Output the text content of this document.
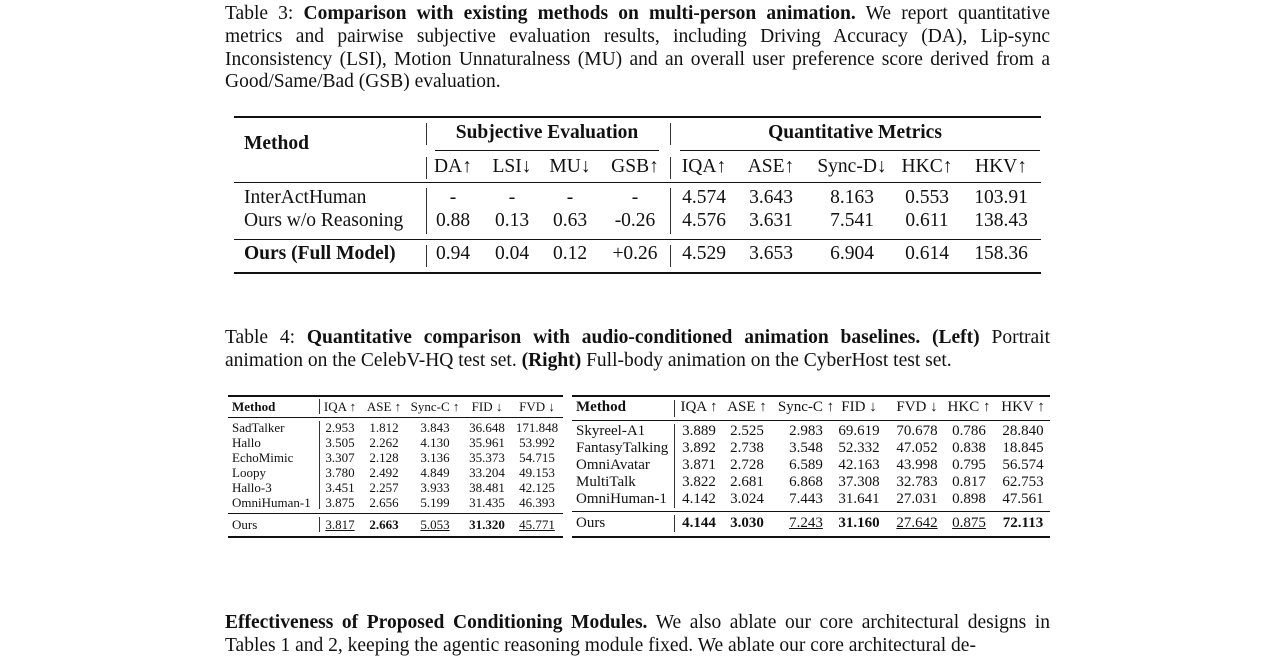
Table 3: Comparison with existing methods on multi-person animation. We report quantitative metrics and pairwise subjective evaluation results, including Driving Accuracy (DA), Lip-sync Inconsistency (LSI), Motion Unnaturalness (MU) and an overall user preference score derived from a Good/Same/Bad (GSB) evaluation.
Method
Subjective Evaluation	Quantitative Metrics
DA↑ LSI↓ MU↓ GSB↑ IQA↑ ASE↑ Sync-D↓ HKC↑ HKV↑
InterActHuman	-	-	-	- 4.574 3.643 8.163 0.553 103.91
Ours w/o Reasoning 0.88 0.13 0.63 -0.26 4.576 3.631 7.541 0.611 138.43
Ours (Full Model) 0.94 0.04 0.12 +0.26 4.529 3.653 6.904 0.614 158.36
Table 4: Quantitative comparison with audio-conditioned animation baselines. (Left) Portrait animation on the CelebV-HQ test set. (Right) Full-body animation on the CyberHost test set.
Method	IQA ↑ ASE ↑ Sync-C ↑ FID ↓ FVD ↓
SadTalker	2.953 1.812 3.843 36.648 171.848
Hallo	3.505 2.262 4.130 35.961 53.992
EchoMimic 3.307 2.128 3.136 35.373 54.715
Loopy	3.780 2.492 4.849 33.204 49.153
Hallo-3	3.451 2.257 3.933 38.481 42.125
OmniHuman-1 3.875 2.656 5.199 31.435 46.393
Ours	3.817 2.663 5.053 31.320 45.771
Method	IQA ↑ ASE ↑ Sync-C ↑ FID ↓ FVD ↓ HKC ↑ HKV ↑
Skyreel-A1 3.889 2.525 2.983 69.619 70.678 0.786 28.840
FantasyTalking 3.892 2.738 3.548 52.332 47.052 0.838 18.845
OmniAvatar 3.871 2.728 6.589 42.163 43.998 0.795 56.574
MultiTalk	3.822 2.681 6.868 37.308 32.783 0.817 62.753
OmniHuman-1 4.142 3.024 7.443 31.641 27.031 0.898 47.561
Ours	4.144 3.030 7.243 31.160 27.642 0.875 72.113
Effectiveness of Proposed Conditioning Modules. We also ablate our core architectural designs in Tables 1 and 2, keeping the agentic reasoning module fixed. We ablate our core architectural de-
